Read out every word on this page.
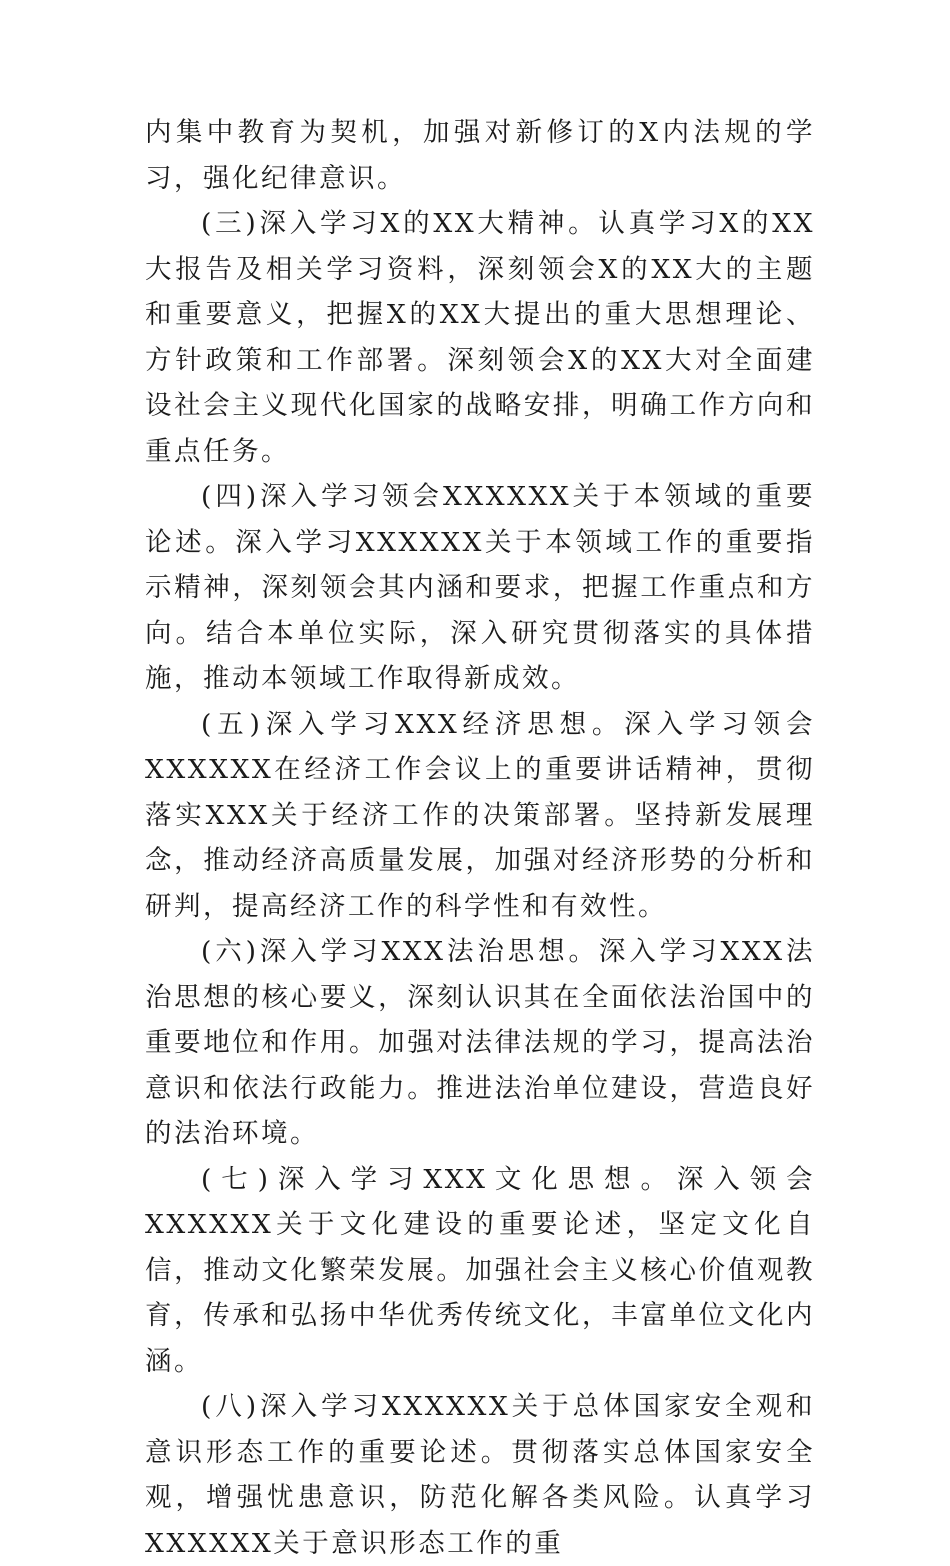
内集中教育为契机，加强对新修订的X内法规的学习，强化纪律意识。

(三)深入学习X的XX大精神。认真学习X的XX大报告及相关学习资料，深刻领会X的XX大的主题和重要意义，把握X的XX大提出的重大思想理论、方针政策和工作部署。深刻领会X的XX大对全面建设社会主义现代化国家的战略安排，明确工作方向和重点任务。

(四)深入学习领会XXXXXX关于本领域的重要论述。深入学习XXXXXX关于本领域工作的重要指示精神，深刻领会其内涵和要求，把握工作重点和方向。结合本单位实际，深入研究贯彻落实的具体措施，推动本领域工作取得新成效。

(五)深入学习XXX经济思想。深入学习领会XXXXXX在经济工作会议上的重要讲话精神，贯彻落实XXX关于经济工作的决策部署。坚持新发展理念，推动经济高质量发展，加强对经济形势的分析和研判，提高经济工作的科学性和有效性。

(六)深入学习XXX法治思想。深入学习XXX法治思想的核心要义，深刻认识其在全面依法治国中的重要地位和作用。加强对法律法规的学习，提高法治意识和依法行政能力。推进法治单位建设，营造良好的法治环境。

(七)深入学习XXX文化思想。深入领会XXXXXX关于文化建设的重要论述，坚定文化自信，推动文化繁荣发展。加强社会主义核心价值观教育，传承和弘扬中华优秀传统文化，丰富单位文化内涵。

(八)深入学习XXXXXX关于总体国家安全观和意识形态工作的重要论述。贯彻落实总体国家安全观，增强忧患意识，防范化解各类风险。认真学习XXXXXX关于意识形态工作的重
